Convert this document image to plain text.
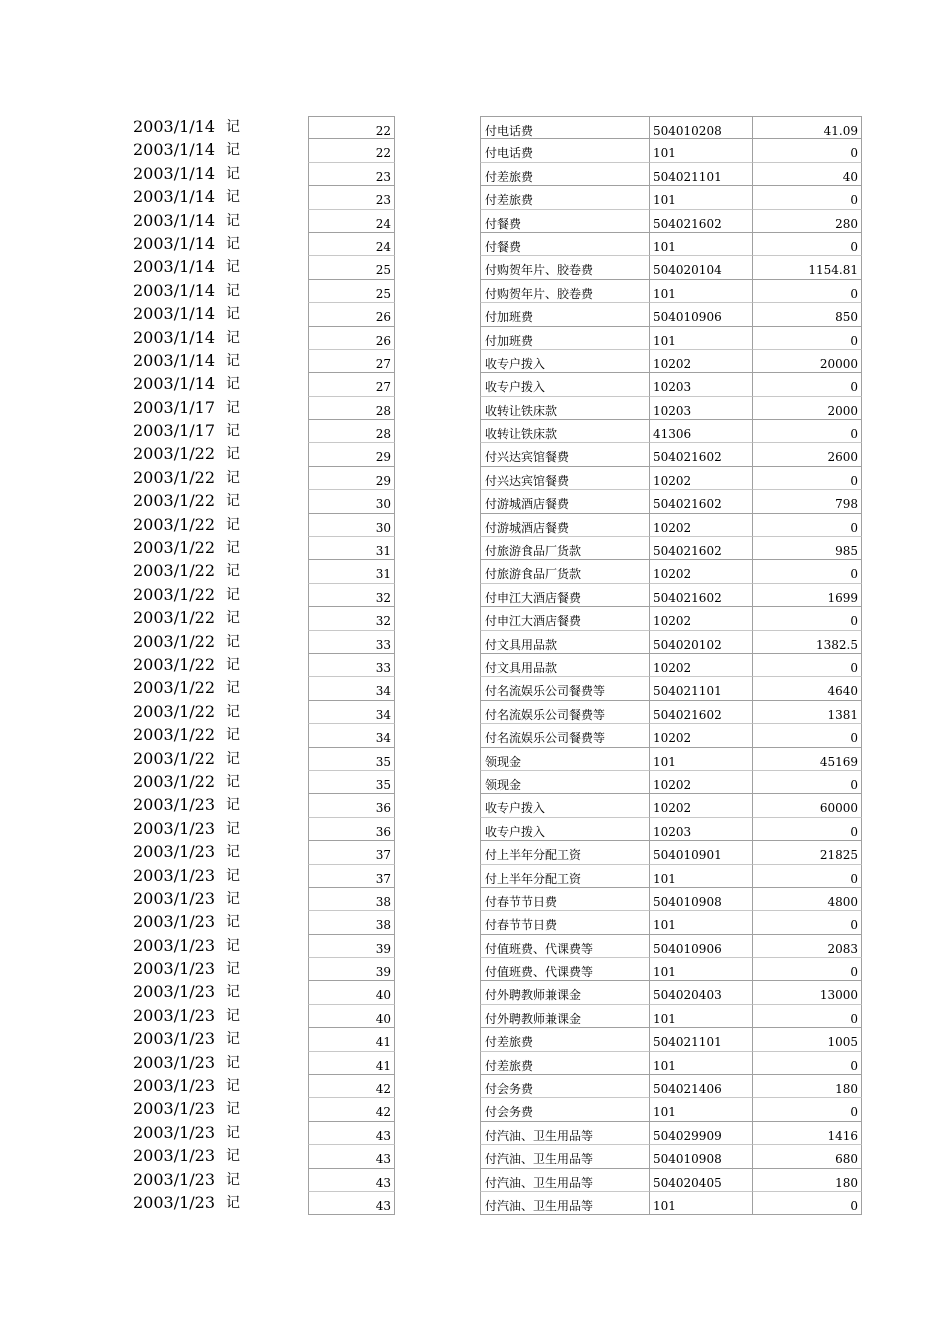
2003/1/14 记	22	付电话费	504010208	41.09
2003/1/14 记	22	付电话费	101	0
2003/1/14 记	23	付差旅费	504021101	40
2003/1/14 记	23	付差旅费	101	0
2003/1/14 记	24	付餐费	504021602	280
2003/1/14 记	24	付餐费	101	0
2003/1/14 记	25	付购贺年片、胶卷费	504020104	1154.81
2003/1/14 记	25	付购贺年片、胶卷费	101	0
2003/1/14 记	26	付加班费	504010906	850
2003/1/14 记	26	付加班费	101	0
2003/1/14 记	27	收专户拨入	10202	20000
2003/1/14 记	27	收专户拨入	10203	0
2003/1/17 记	28	收转让铁床款	10203	2000
2003/1/17 记	28	收转让铁床款	41306	0
2003/1/22 记	29	付兴达宾馆餐费	504021602	2600
2003/1/22 记	29	付兴达宾馆餐费	10202	0
2003/1/22 记	30	付游城酒店餐费	504021602	798
2003/1/22 记	30	付游城酒店餐费	10202	0
2003/1/22 记	31	付旅游食品厂货款	504021602	985
2003/1/22 记	31	付旅游食品厂货款	10202	0
2003/1/22 记	32	付申江大酒店餐费	504021602	1699
2003/1/22 记	32	付申江大酒店餐费	10202	0
2003/1/22 记	33	付文具用品款	504020102	1382.5
2003/1/22 记	33	付文具用品款	10202	0
2003/1/22 记	34	付名流娱乐公司餐费等	504021101	4640
2003/1/22 记	34	付名流娱乐公司餐费等	504021602	1381
2003/1/22 记	34	付名流娱乐公司餐费等	10202	0
2003/1/22 记	35	领现金	101	45169
2003/1/22 记	35	领现金	10202	0
2003/1/23 记	36	收专户拨入	10202	60000
2003/1/23 记	36	收专户拨入	10203	0
2003/1/23 记	37	付上半年分配工资	504010901	21825
2003/1/23 记	37	付上半年分配工资	101	0
2003/1/23 记	38	付春节节日费	504010908	4800
2003/1/23 记	38	付春节节日费	101	0
2003/1/23 记	39	付值班费、代课费等	504010906	2083
2003/1/23 记	39	付值班费、代课费等	101	0
2003/1/23 记	40	付外聘教师兼课金	504020403	13000
2003/1/23 记	40	付外聘教师兼课金	101	0
2003/1/23 记	41	付差旅费	504021101	1005
2003/1/23 记	41	付差旅费	101	0
2003/1/23 记	42	付会务费	504021406	180
2003/1/23 记	42	付会务费	101	0
2003/1/23 记	43	付汽油、卫生用品等	504029909	1416
2003/1/23 记	43	付汽油、卫生用品等	504010908	680
2003/1/23 记	43	付汽油、卫生用品等	504020405	180
2003/1/23 记	43	付汽油、卫生用品等	101	0
